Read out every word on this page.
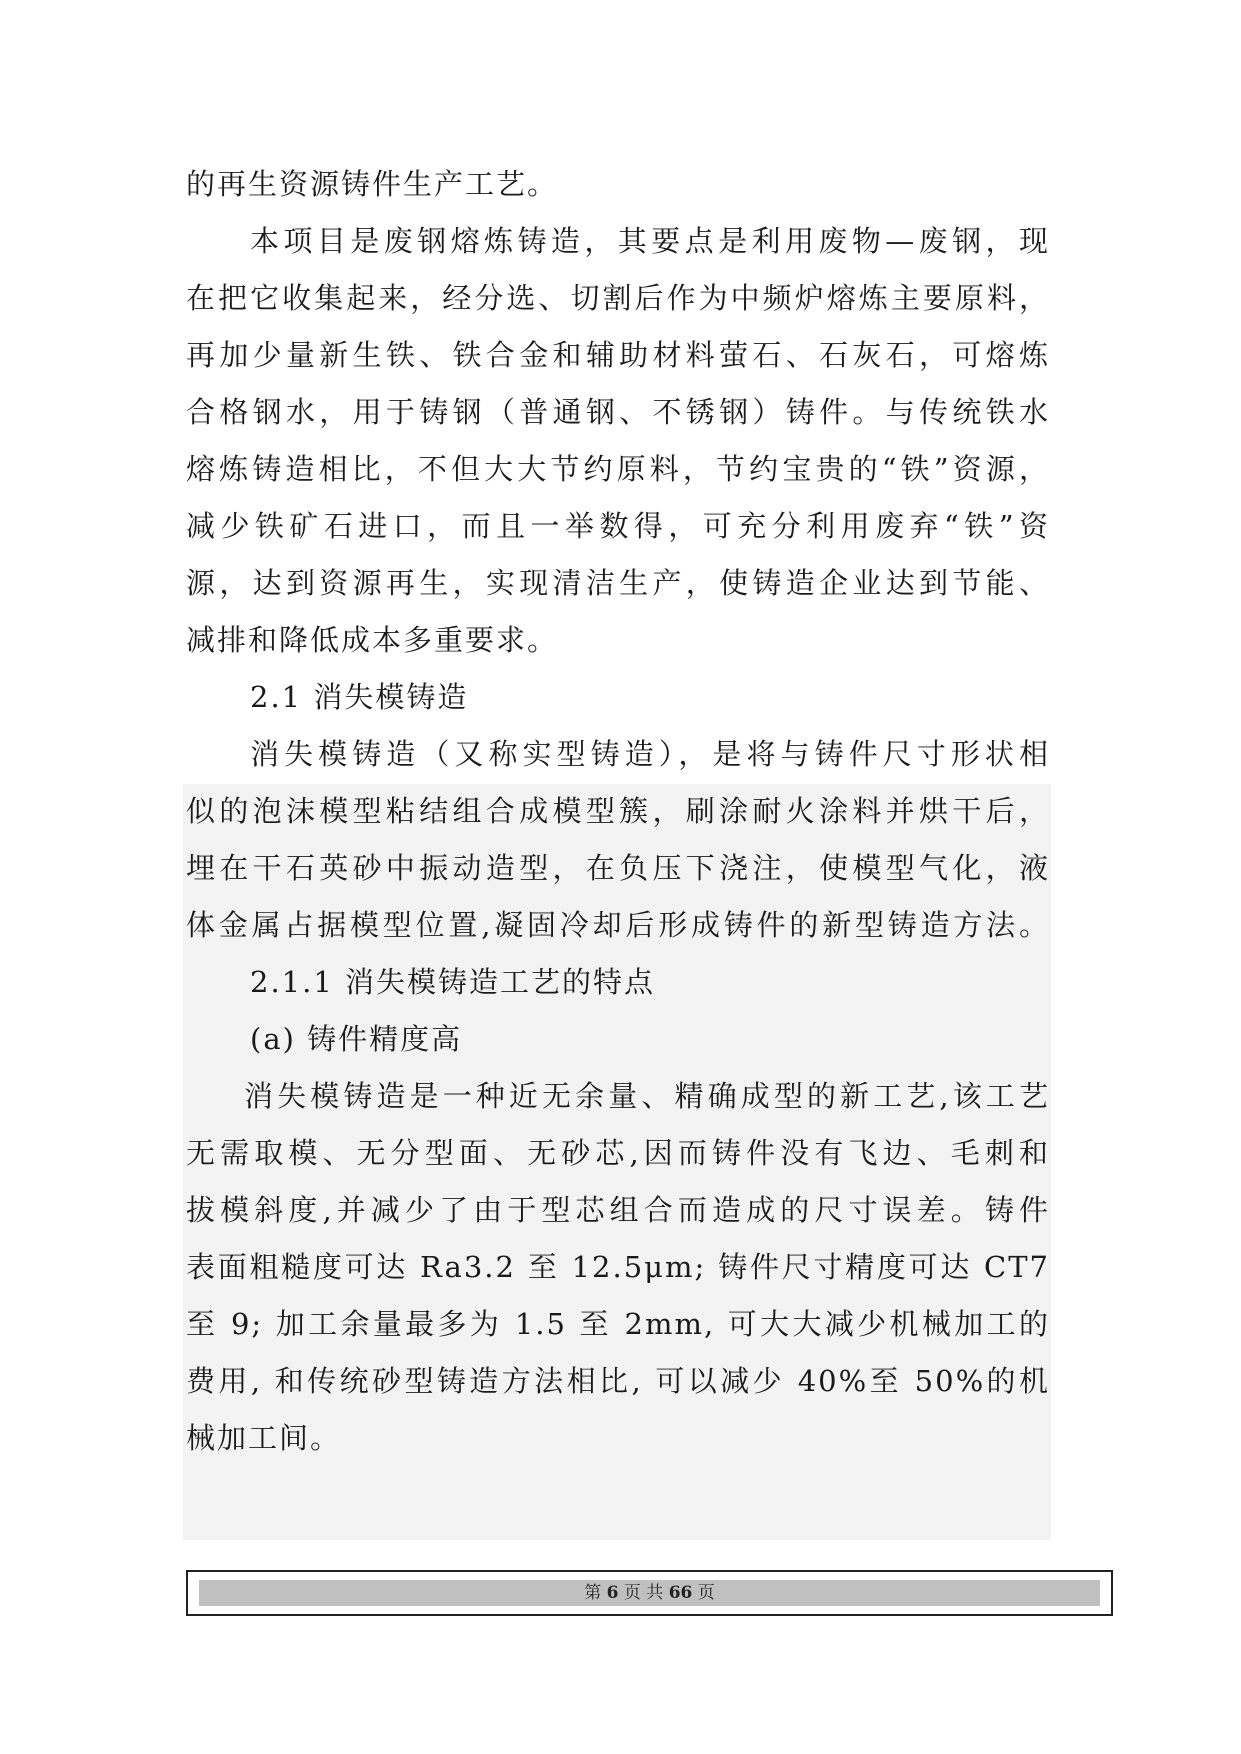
的再生资源铸件生产工艺。
本项目是废钢熔炼铸造，其要点是利用废物—废钢，现
在把它收集起来，经分选、切割后作为中频炉熔炼主要原料，
再加少量新生铁、铁合金和辅助材料萤石、石灰石，可熔炼
合格钢水，用于铸钢（普通钢、不锈钢）铸件。与传统铁水
熔炼铸造相比，不但大大节约原料，节约宝贵的“铁”资源，
减少铁矿石进口，而且一举数得，可充分利用废弃“铁”资
源，达到资源再生，实现清洁生产，使铸造企业达到节能、
减排和降低成本多重要求。
2.1 消失模铸造
消失模铸造（又称实型铸造），是将与铸件尺寸形状相
似的泡沫模型粘结组合成模型簇，刷涂耐火涂料并烘干后，
埋在干石英砂中振动造型，在负压下浇注，使模型气化，液
体金属占据模型位置,凝固冷却后形成铸件的新型铸造方法。
2.1.1 消失模铸造工艺的特点
(a) 铸件精度高
消失模铸造是一种近无余量、精确成型的新工艺,该工艺
无需取模、无分型面、无砂芯,因而铸件没有飞边、毛刺和
拔模斜度,并减少了由于型芯组合而造成的尺寸误差。铸件
表面粗糙度可达 Ra3.2 至 12.5μm; 铸件尺寸精度可达 CT7
至 9; 加工余量最多为 1.5 至 2mm, 可大大减少机械加工的
费用, 和传统砂型铸造方法相比, 可以减少 40%至 50%的机
械加工间。
第 6 页 共 66 页
